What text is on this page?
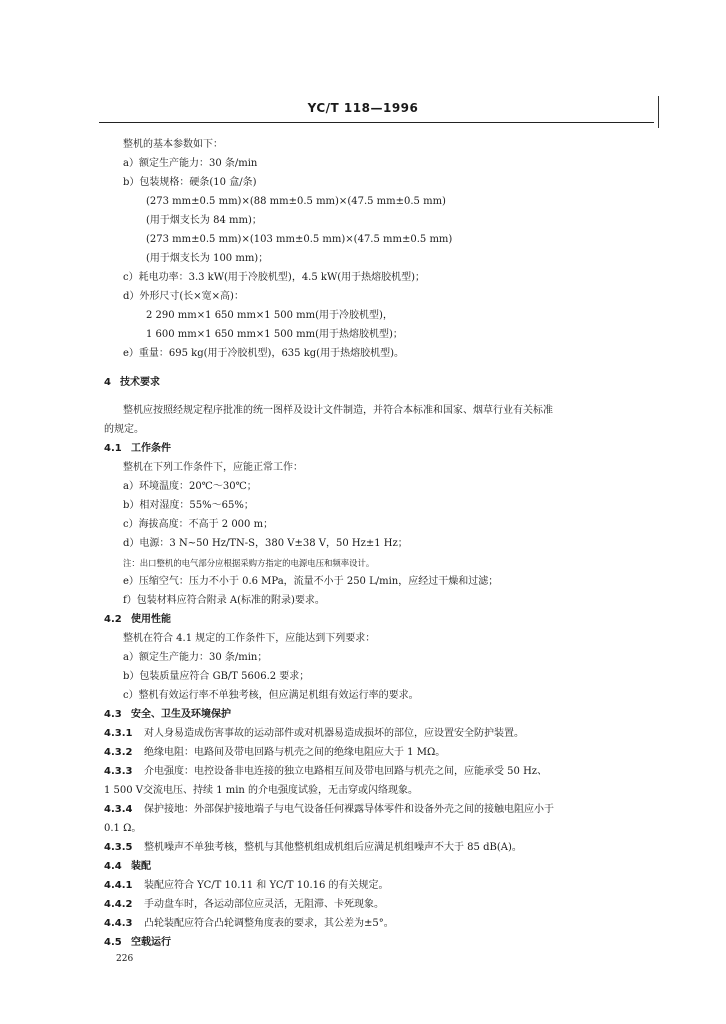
YC/T 118—1996
整机的基本参数如下：
a）额定生产能力：30 条/min
b）包装规格：硬条(10 盒/条)
(273 mm±0.5 mm)×(88 mm±0.5 mm)×(47.5 mm±0.5 mm)
(用于烟支长为 84 mm)；
(273 mm±0.5 mm)×(103 mm±0.5 mm)×(47.5 mm±0.5 mm)
(用于烟支长为 100 mm)；
c）耗电功率：3.3 kW(用于冷胶机型)，4.5 kW(用于热熔胶机型)；
d）外形尺寸(长×宽×高)：
2 290 mm×1 650 mm×1 500 mm(用于冷胶机型)，
1 600 mm×1 650 mm×1 500 mm(用于热熔胶机型)；
e）重量：695 kg(用于冷胶机型)，635 kg(用于热熔胶机型)。
4 技术要求
整机应按照经规定程序批准的统一图样及设计文件制造，并符合本标准和国家、烟草行业有关标准
的规定。
4.1 工作条件
整机在下列工作条件下，应能正常工作：
a）环境温度：20℃～30℃；
b）相对湿度：55%～65%；
c）海拔高度：不高于 2 000 m；
d）电源：3 N~50 Hz/TN-S，380 V±38 V，50 Hz±1 Hz；
注：出口整机的电气部分应根据采购方指定的电源电压和频率设计。
e）压缩空气：压力不小于 0.6 MPa，流量不小于 250 L/min，应经过干燥和过滤；
f）包装材料应符合附录 A(标准的附录)要求。
4.2 使用性能
整机在符合 4.1 规定的工作条件下，应能达到下列要求：
a）额定生产能力：30 条/min；
b）包装质量应符合 GB/T 5606.2 要求；
c）整机有效运行率不单独考核，但应满足机组有效运行率的要求。
4.3 安全、卫生及环境保护
4.3.1 对人身易造成伤害事故的运动部件或对机器易造成损坏的部位，应设置安全防护装置。
4.3.2 绝缘电阻：电路间及带电回路与机壳之间的绝缘电阻应大于 1 MΩ。
4.3.3 介电强度：电控设备非电连接的独立电路相互间及带电回路与机壳之间，应能承受 50 Hz、
1 500 V交流电压、持续 1 min 的介电强度试验，无击穿或闪络现象。
4.3.4 保护接地：外部保护接地端子与电气设备任何裸露导体零件和设备外壳之间的接触电阻应小于
0.1 Ω。
4.3.5 整机噪声不单独考核，整机与其他整机组成机组后应满足机组噪声不大于 85 dB(A)。
4.4 装配
4.4.1 装配应符合 YC/T 10.11 和 YC/T 10.16 的有关规定。
4.4.2 手动盘车时，各运动部位应灵活，无阻滞、卡死现象。
4.4.3 凸轮装配应符合凸轮调整角度表的要求，其公差为±5°。
4.5 空载运行
226
